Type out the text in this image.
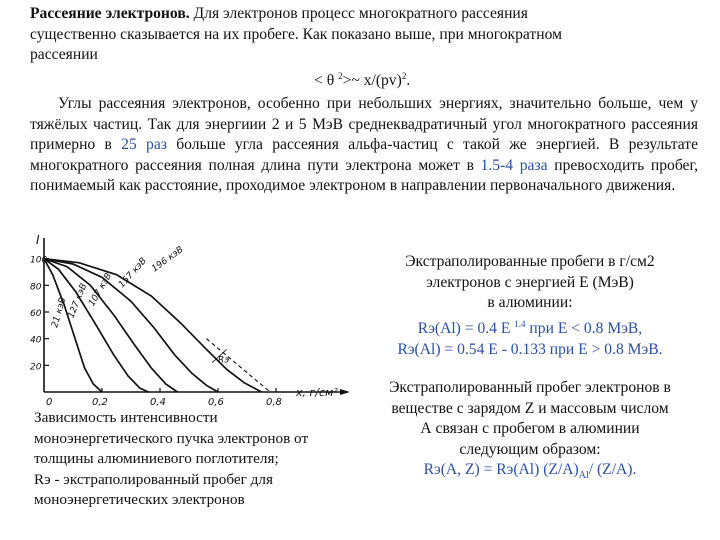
Рассеяние электронов. Для электронов процесс многократного рассеяния
существенно сказывается на их пробеге. Как показано выше, при многократном
рассеянии
< θ $^2$>~ x/(pv)$^2$.
Углы рассеяния электронов, особенно при небольших энергиях, значительно больше, чем у тяжёлых частиц. Так для энергиии 2 и 5 МэВ среднеквадратичный угол многократного рассеяния примерно в 25 раз больше угла рассеяния альфа-частиц с такой же энергией. В результате многократного рассеяния полная длина пути электрона может в 1.5-4 раза превосходить пробег, понимаемый как расстояние, проходимое электроном в направлении первоначального движения.
I
x, г/см²
100
80
60
40
20
0,2	0,4	0,6	0,8
0
Rэ
21 кэВ
127 кэВ
107 кэВ 157 кэВ 196 кэВ	Экстраполированные пробеги в г/см2
электронов с энергией Е (МэВ)
в алюминии:
Rэ(Al) = 0.4 E $^{1.4}$ при E < 0.8 МэВ,
Rэ(Al) = 0.54 E - 0.133 при E > 0.8 МэВ.
Экстраполированный пробег электронов в
веществе с зарядом Z и массовым числом
А связан с пробегом в алюминии
следующим образом:
Rэ(A, Z) = Rэ(Al) $(Z/A)_{Al}/$ (Z/A).
Зависимость интенсивности
моноэнергетического пучка электронов от
толщины алюминиевого поглотителя;
Rэ - экстраполированный пробег для
моноэнергетических электронов
